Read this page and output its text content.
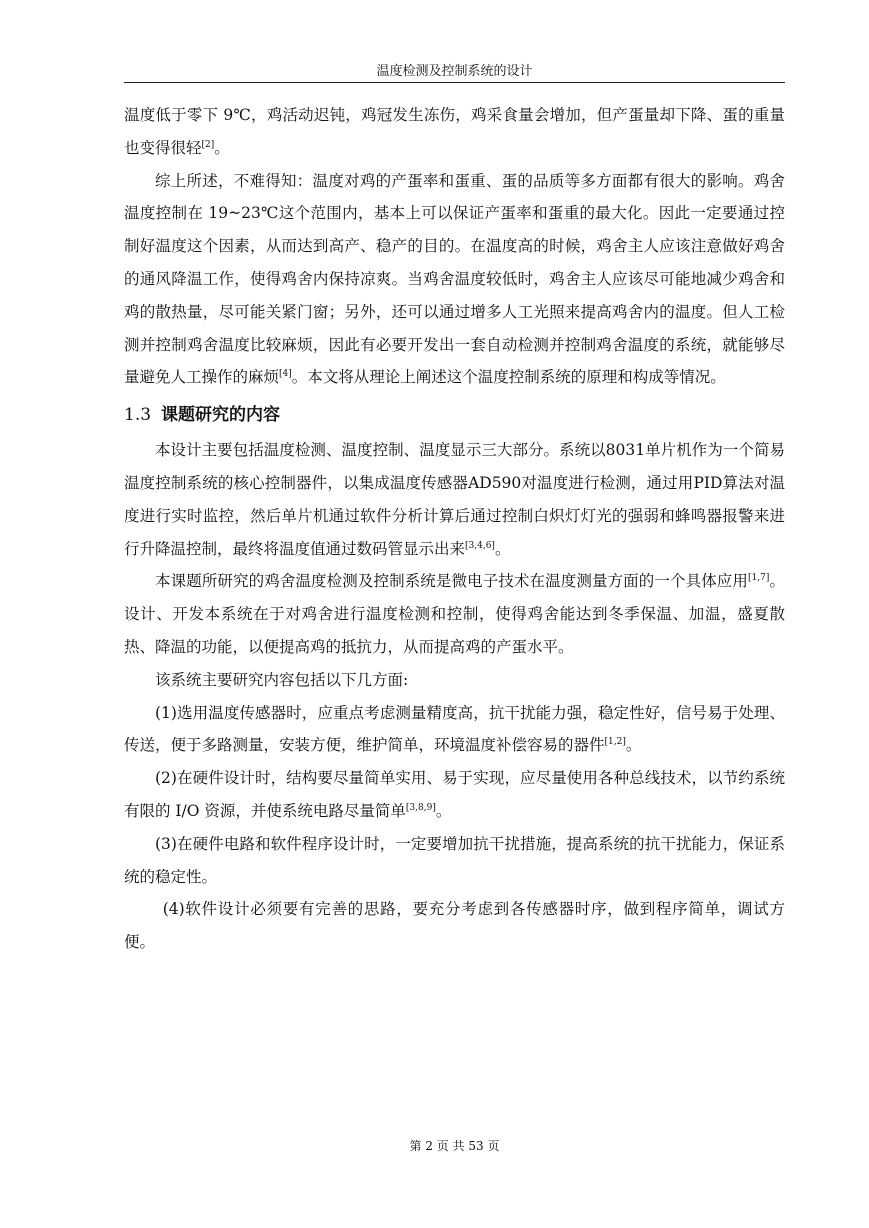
温度检测及控制系统的设计

温度低于零下 9℃，鸡活动迟钝，鸡冠发生冻伤，鸡采食量会增加，但产蛋量却下降、蛋的重量也变得很轻[2]。

综上所述，不难得知：温度对鸡的产蛋率和蛋重、蛋的品质等多方面都有很大的影响。鸡舍温度控制在 19~23℃这个范围内，基本上可以保证产蛋率和蛋重的最大化。因此一定要通过控制好温度这个因素，从而达到高产、稳产的目的。在温度高的时候，鸡舍主人应该注意做好鸡舍的通风降温工作，使得鸡舍内保持凉爽。当鸡舍温度较低时，鸡舍主人应该尽可能地减少鸡舍和鸡的散热量，尽可能关紧门窗；另外，还可以通过增多人工光照来提高鸡舍内的温度。但人工检测并控制鸡舍温度比较麻烦，因此有必要开发出一套自动检测并控制鸡舍温度的系统，就能够尽量避免人工操作的麻烦[4]。本文将从理论上阐述这个温度控制系统的原理和构成等情况。

1.3 课题研究的内容

本设计主要包括温度检测、温度控制、温度显示三大部分。系统以8031单片机作为一个简易温度控制系统的核心控制器件，以集成温度传感器AD590对温度进行检测，通过用PID算法对温度进行实时监控，然后单片机通过软件分析计算后通过控制白炽灯灯光的强弱和蜂鸣器报警来进行升降温控制，最终将温度值通过数码管显示出来[3,4,6]。

本课题所研究的鸡舍温度检测及控制系统是微电子技术在温度测量方面的一个具体应用[1,7]。设计、开发本系统在于对鸡舍进行温度检测和控制，使得鸡舍能达到冬季保温、加温，盛夏散热、降温的功能，以便提高鸡的抵抗力，从而提高鸡的产蛋水平。

该系统主要研究内容包括以下几方面:

(1)选用温度传感器时，应重点考虑测量精度高，抗干扰能力强，稳定性好，信号易于处理、传送，便于多路测量，安装方便，维护简单，环境温度补偿容易的器件[1,2]。

(2)在硬件设计时，结构要尽量简单实用、易于实现，应尽量使用各种总线技术，以节约系统有限的 I/O 资源，并使系统电路尽量简单[3,8,9]。

(3)在硬件电路和软件程序设计时，一定要增加抗干扰措施，提高系统的抗干扰能力，保证系统的稳定性。

(4)软件设计必须要有完善的思路，要充分考虑到各传感器时序，做到程序简单，调试方便。

第 2 页 共 53 页
